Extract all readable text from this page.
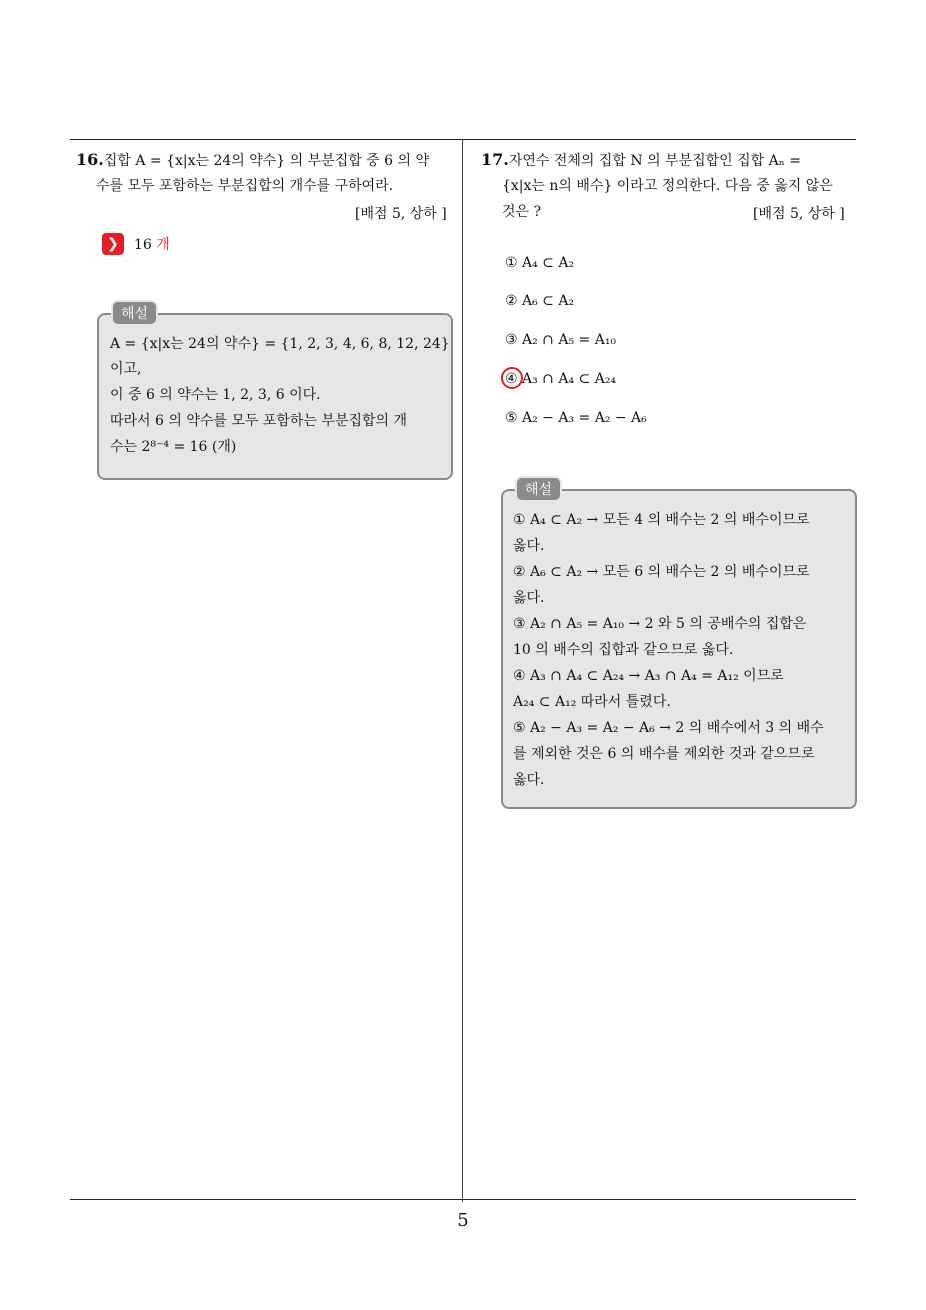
16.집합 A = {x|x는 24의 약수} 의 부분집합 중 6 의 약
수를 모두 포함하는 부분집합의 개수를 구하여라.
[배점 5, 상하 ]
❯	16 개
해설
A = {x|x는 24의 약수} = {1, 2, 3, 4, 6, 8, 12, 24}
이고,
이 중 6 의 약수는 1, 2, 3, 6 이다.
따라서 6 의 약수를 모두 포함하는 부분집합의 개
수는 2⁸⁻⁴ = 16 (개)
17.자연수 전체의 집합 N 의 부분집합인 집합 Aₙ =
{x|x는 n의 배수} 이라고 정의한다. 다음 중 옳지 않은
것은 ?	[배점 5, 상하 ]
① A₄ ⊂ A₂
② A₆ ⊂ A₂
③ A₂ ∩ A₅ = A₁₀
④ A₃ ∩ A₄ ⊂ A₂₄
⑤ A₂ − A₃ = A₂ − A₆
해설
① A₄ ⊂ A₂ → 모든 4 의 배수는 2 의 배수이므로
옳다.
② A₆ ⊂ A₂ → 모든 6 의 배수는 2 의 배수이므로
옳다.
③ A₂ ∩ A₅ = A₁₀ → 2 와 5 의 공배수의 집합은
10 의 배수의 집합과 같으므로 옳다.
④ A₃ ∩ A₄ ⊂ A₂₄ → A₃ ∩ A₄ = A₁₂ 이므로
A₂₄ ⊂ A₁₂ 따라서 틀렸다.
⑤ A₂ − A₃ = A₂ − A₆ → 2 의 배수에서 3 의 배수
를 제외한 것은 6 의 배수를 제외한 것과 같으므로
옳다.
5
